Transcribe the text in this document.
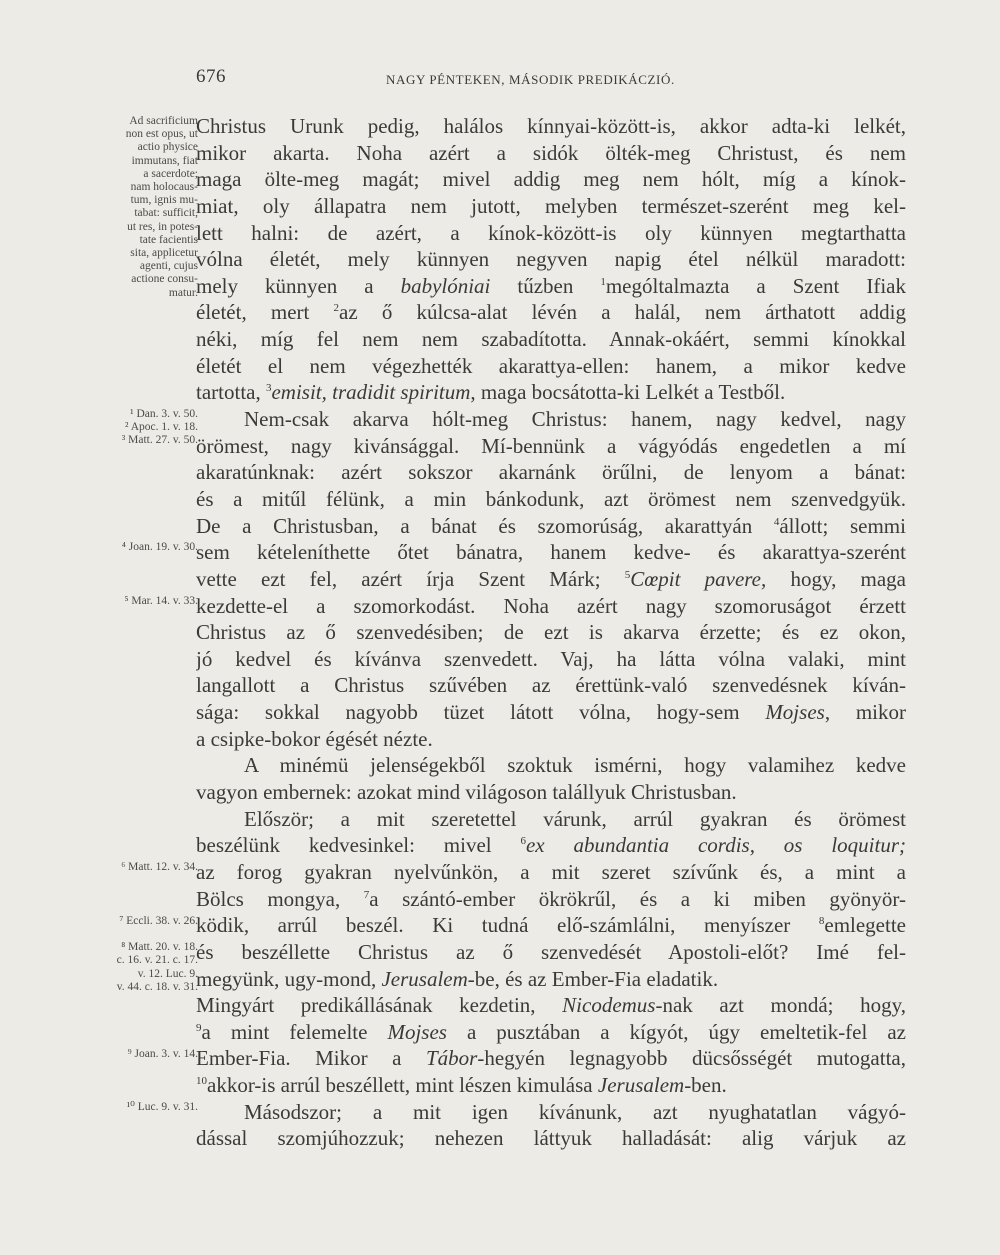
676	NAGY PÉNTEKEN, MÁSODIK PREDIKÁCZIÓ.
Christus Urunk pedig, halálos kínnyai-között-is, akkor adta-ki lelkét,
mikor akarta. Noha azért a sidók ölték-meg Christust, és nem
maga ölte-meg magát; mivel addig meg nem hólt, míg a kínok-
miat, oly állapatra nem jutott, melyben természet-szerént meg kel-
lett halni: de azért, a kínok-között-is oly künnyen megtarthatta
vólna életét, mely künnyen negyven napig étel nélkül maradott:
mely künnyen a babylóniai tűzben $^1$mególtalmazta a Szent Ifiak
életét, mert $^2$az ő kúlcsa-alat lévén a halál, nem árthatott addig
néki, míg fel nem nem szabadította. Annak-okáért, semmi kínokkal
életét el nem végezhették akarattya-ellen: hanem, a mikor kedve
tartotta, $^3$emisit, tradidit spiritum, maga bocsátotta-ki Lelkét a Testből.
Nem-csak akarva hólt-meg Christus: hanem, nagy kedvel, nagy
örömest, nagy kivánsággal. Mí-bennünk a vágyódás engedetlen a mí
akaratúnknak: azért sokszor akarnánk örűlni, de lenyom a bánat:
és a mitűl félünk, a min bánkodunk, azt örömest nem szenvedgyük.
De a Christusban, a bánat és szomorúság, akarattyán $^4$állott; semmi
sem kételeníthette őtet bánatra, hanem kedve- és akarattya-szerént
vette ezt fel, azért írja Szent Márk; $^5$Cœpit pavere, hogy, maga
kezdette-el a szomorkodást. Noha azért nagy szomoruságot érzett
Christus az ő szenvedésiben; de ezt is akarva érzette; és ez okon,
jó kedvel és kívánva szenvedett. Vaj, ha látta vólna valaki, mint
langallott a Christus szűvében az érettünk-való szenvedésnek kíván-
sága: sokkal nagyobb tüzet látott vólna, hogy-sem Mojses, mikor
a csipke-bokor égését nézte.
A minémü jelenségekből szoktuk ismérni, hogy valamihez kedve
vagyon embernek: azokat mind világoson talállyuk Christusban.
Először; a mit szeretettel várunk, arrúl gyakran és örömest
beszélünk kedvesinkel: mivel $^6$ex abundantia cordis, os loquitur;
az forog gyakran nyelvűnkön, a mit szeret szívűnk és, a mint a
Bölcs mongya, $^7$a szántó-ember ökrökrűl, és a ki miben gyönyör-
ködik, arrúl beszél. Ki tudná elő-számlálni, menyíszer $^8$emlegette
és beszéllette Christus az ő szenvedését Apostoli-előt? Imé fel-
megyünk, ugy-mond, Jerusalem-be, és az Ember-Fia eladatik.
Mingyárt predikállásának kezdetin, Nicodemus-nak azt mondá; hogy,
$^9$a mint felemelte Mojses a pusztában a kígyót, úgy emeltetik-fel az
Ember-Fia. Mikor a Tábor-hegyén legnagyobb dücsősségét mutogatta,
$^{10}$akkor-is arrúl beszéllett, mint lészen kimulása Jerusalem-ben.
Másodszor; a mit igen kívánunk, azt nyughatatlan vágyó-
dással szomjúhozzuk; nehezen láttyuk halladását: alig várjuk az
Ad sacrificium
non est opus, ut
actio physice
immutans, fiat
a sacerdote;
nam holocaus-
tum, ignis mu-
tabat: sufficit,
ut res, in potes-
tate facientis
sita, applicetur
agenti, cujus
actione consu-
matur.
¹ Dan. 3. v. 50.
² Apoc. 1. v. 18.
³ Matt. 27. v. 50.
⁴ Joan. 19. v. 30.
⁵ Mar. 14. v. 33.
⁶ Matt. 12. v. 34.
⁷ Eccli. 38. v. 26.
⁸ Matt. 20. v. 18.
c. 16. v. 21. c. 17.
v. 12. Luc. 9.
v. 44. c. 18. v. 31.
⁹ Joan. 3. v. 14.
¹⁰ Luc. 9. v. 31.
